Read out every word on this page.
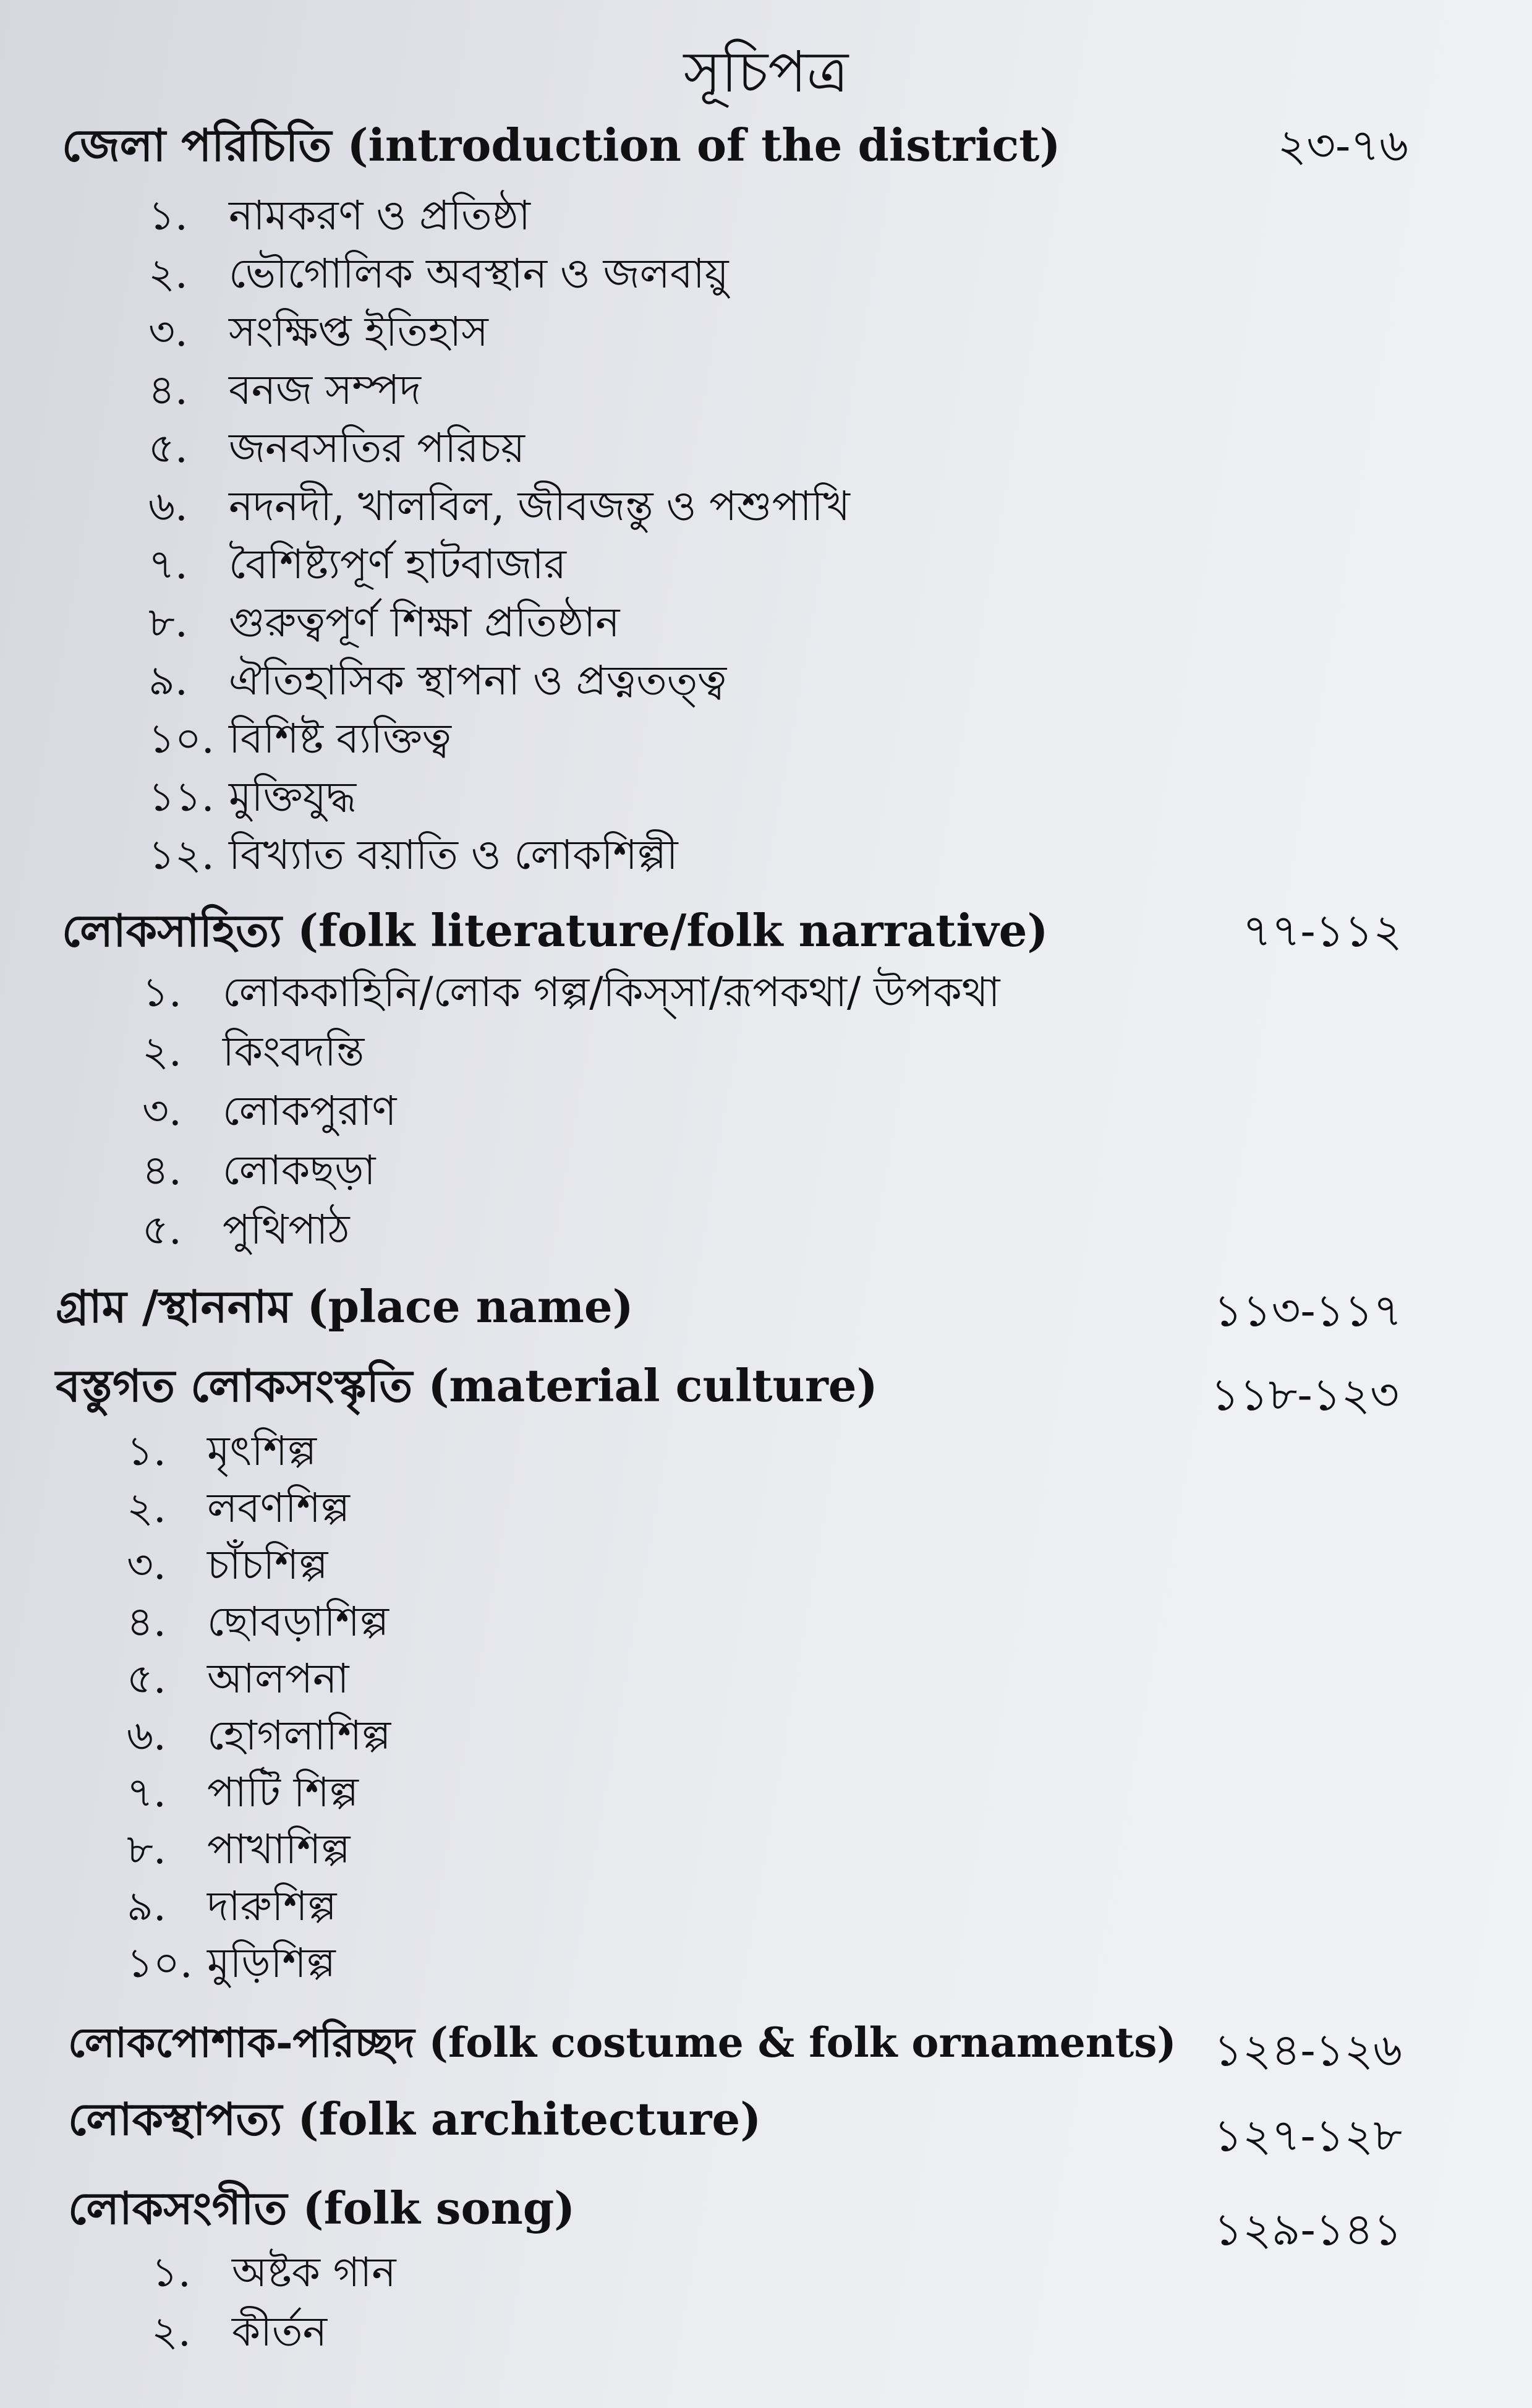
সূচিপত্র
জেলা পরিচিতি (introduction of the district)	২৩-৭৬
১. নামকরণ ও প্রতিষ্ঠা
২. ভৌগোলিক অবস্থান ও জলবায়ু
৩. সংক্ষিপ্ত ইতিহাস
৪. বনজ সম্পদ
৫. জনবসতির পরিচয়
৬. নদনদী, খালবিল, জীবজন্তু ও পশুপাখি
৭. বৈশিষ্ট্যপূর্ণ হাটবাজার
৮. গুরুত্বপূর্ণ শিক্ষা প্রতিষ্ঠান
৯. ঐতিহাসিক স্থাপনা ও প্রত্নতত্ত্ব
১০. বিশিষ্ট ব্যক্তিত্ব
১১. মুক্তিযুদ্ধ
১২. বিখ্যাত বয়াতি ও লোকশিল্পী
লোকসাহিত্য (folk literature/folk narrative)	৭৭-১১২
১. লোককাহিনি/লোক গল্প/কিস্‌সা/রূপকথা/ উপকথা
২. কিংবদন্তি
৩. লোকপুরাণ
৪. লোকছড়া
৫. পুথিপাঠ
গ্রাম /স্থাননাম (place name)	১১৩-১১৭
বস্তুগত লোকসংস্কৃতি (material culture)	১১৮-১২৩
১. মৃৎশিল্প
২. লবণশিল্প
৩. চাঁচশিল্প
৪. ছোবড়াশিল্প
৫. আলপনা
৬. হোগলাশিল্প
৭. পাটি শিল্প
৮. পাখাশিল্প
৯. দারুশিল্প
১০. মুড়িশিল্প
লোকপোশাক-পরিচ্ছদ (folk costume & folk ornaments) ১২৪-১২৬
লোকস্থাপত্য (folk architecture)	১২৭-১২৮
লোকসংগীত (folk song)	১২৯-১৪১
১. অষ্টক গান
২. কীর্তন
